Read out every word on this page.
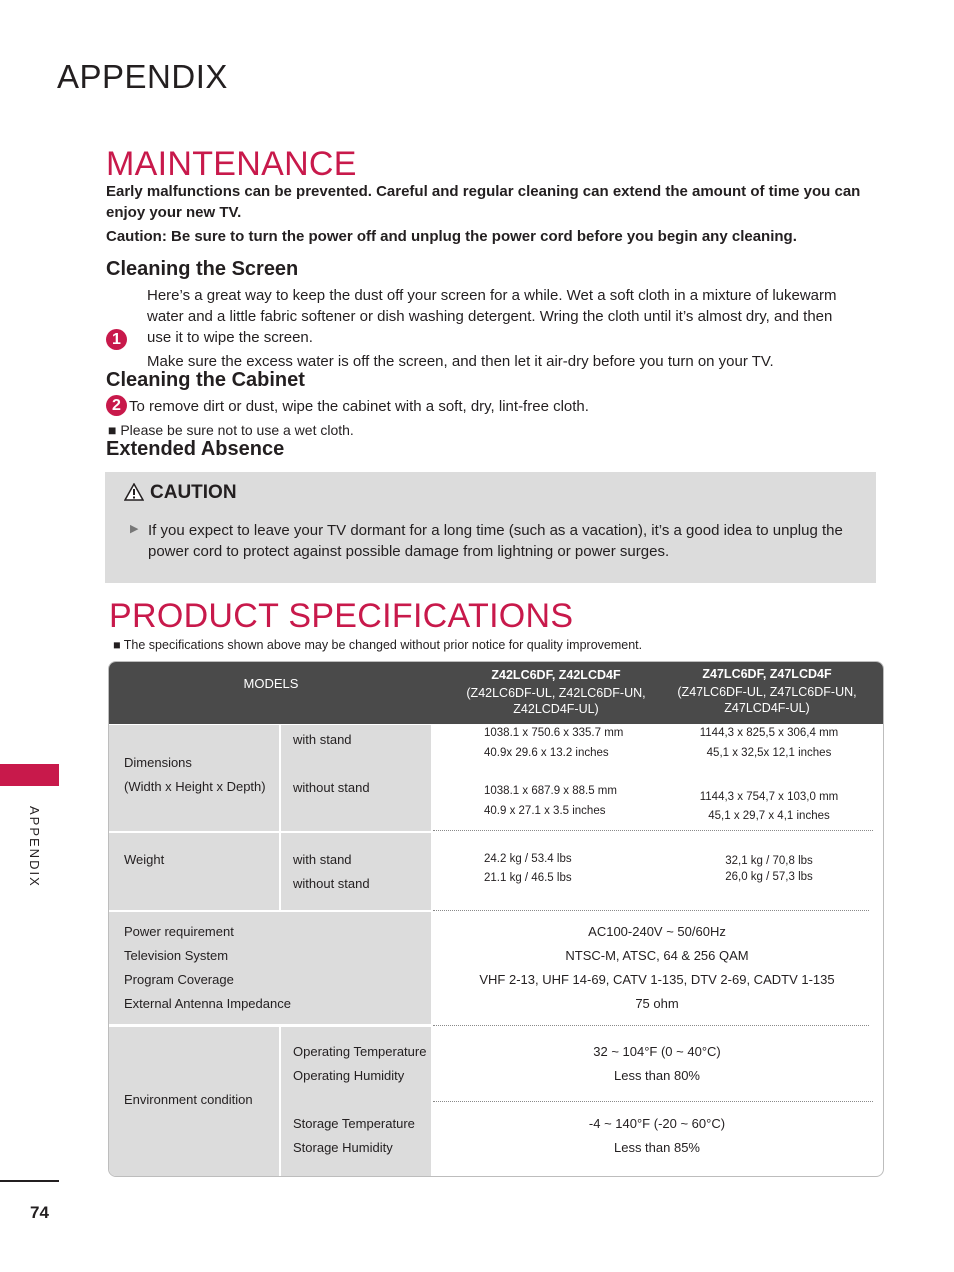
APPENDIX
MAINTENANCE
Early malfunctions can be prevented. Careful and regular cleaning can extend the amount of time you can enjoy your new TV.
Caution: Be sure to turn the power off and unplug the power cord before you begin any cleaning.
Cleaning the Screen
1
Here’s a great way to keep the dust off your screen for a while. Wet a soft cloth in a mixture of lukewarm water and a little fabric softener or dish washing detergent. Wring the cloth until it’s almost dry, and then use it to wipe the screen.
Make sure the excess water is off the screen, and then let it air-dry before you turn on your TV.
Cleaning the Cabinet
To remove dirt or dust, wipe the cabinet with a soft, dry, lint-free cloth.
2
■ Please be sure not to use a wet cloth.
Extended Absence
CAUTION
▶ If you expect to leave your TV dormant for a long time (such as a vacation), it’s a good idea to unplug the power cord to protect against possible damage from lightning or power surges.
PRODUCT SPECIFICATIONS
■ The specifications shown above may be changed without prior notice for quality improvement.
MODELS
Z42LC6DF, Z42LCD4F
(Z42LC6DF-UL, Z42LC6DF-UN, Z42LCD4F-UL)
Z47LC6DF, Z47LCD4F
(Z47LC6DF-UL, Z47LC6DF-UN, Z47LCD4F-UL)
Dimensions
(Width x Height x Depth)
with stand
without stand
1038.1 x 750.6 x 335.7 mm
40.9x 29.6 x 13.2 inches
1038.1 x 687.9 x 88.5 mm
40.9 x 27.1 x 3.5 inches
1144,3 x 825,5 x 306,4 mm
45,1 x 32,5x 12,1 inches
1144,3 x 754,7 x 103,0 mm
45,1 x 29,7 x 4,1 inches
Weight	with stand
without stand
24.2 kg / 53.4 lbs
21.1 kg / 46.5 lbs
32,1 kg / 70,8 lbs
26,0 kg / 57,3 lbs
Power requirement
Television System
Program Coverage
External Antenna Impedance
AC100-240V ~ 50/60Hz
NTSC-M, ATSC, 64 & 256 QAM
VHF 2-13, UHF 14-69, CATV 1-135, DTV 2-69, CADTV 1-135
75 ohm
Environment condition
Operating Temperature
Operating Humidity
Storage Temperature
Storage Humidity
32 ~ 104°F (0 ~ 40°C)
Less than 80%
-4 ~ 140°F (-20 ~ 60°C)
Less than 85%
APPENDIX
74
